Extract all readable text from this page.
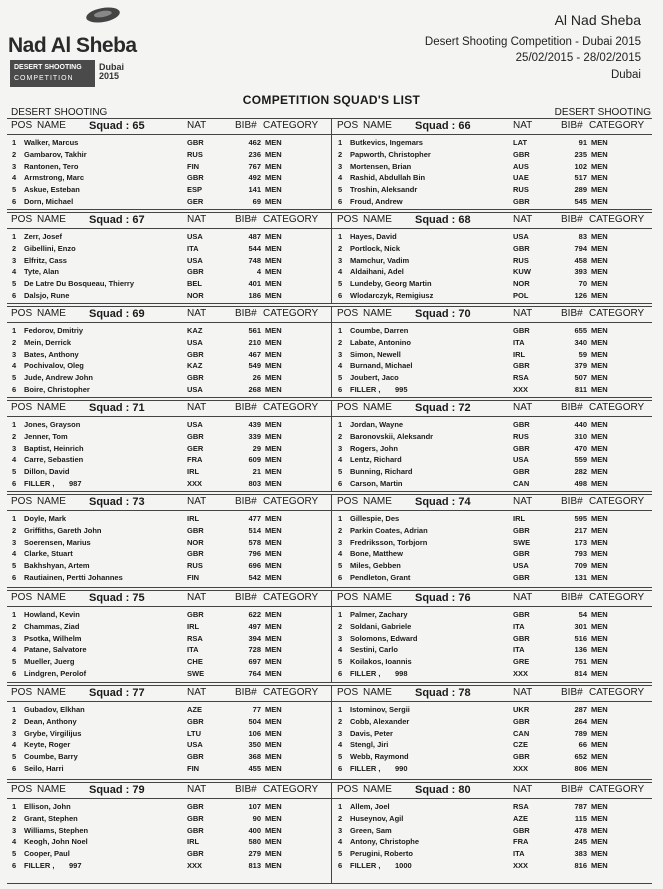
Nad Al Sheba
DESERT SHOOTING
COMPETITION
Dubai
2015
Al Nad Sheba
Desert Shooting Competition - Dubai 2015
25/02/2015 - 28/02/2015
Dubai
COMPETITION SQUAD'S LIST
DESERT SHOOTING	DESERT SHOOTING
POS NAME Squad : 65	NAT	BIB# CATEGORY
1 Walker, Marcus	GBR	462 MEN
2 Gambarov, Takhir	RUS	236 MEN
3 Rantonen, Tero	FIN	767 MEN
4 Armstrong, Marc	GBR	492 MEN
5 Askue, Esteban	ESP	141 MEN
6 Dorn, Michael	GER	69 MEN
POS NAME Squad : 66	NAT	BIB# CATEGORY
1 Butkevics, Ingemars	LAT	91 MEN
2 Papworth, Christopher	GBR	235 MEN
3 Mortensen, Brian	AUS	102 MEN
4 Rashid, Abdullah Bin	UAE	517 MEN
5 Troshin, Aleksandr	RUS	289 MEN
6 Froud, Andrew	GBR	545 MEN
POS NAME Squad : 67	NAT	BIB# CATEGORY
1 Zerr, Josef	USA	487 MEN
2 Gibellini, Enzo	ITA	544 MEN
3 Elfritz, Cass	USA	748 MEN
4 Tyte, Alan	GBR	4 MEN
5 De Latre Du Bosqueau, Thierry	BEL	401 MEN
6 Dalsjo, Rune	NOR	186 MEN
POS NAME Squad : 68	NAT	BIB# CATEGORY
1 Hayes, David	USA	83 MEN
2 Portlock, Nick	GBR	794 MEN
3 Mamchur, Vadim	RUS	458 MEN
4 Aldaihani, Adel	KUW	393 MEN
5 Lundeby, Georg Martin	NOR	70 MEN
6 Wlodarczyk, Remigiusz	POL	126 MEN
POS NAME Squad : 69	NAT	BIB# CATEGORY
1 Fedorov, Dmitriy	KAZ	561 MEN
2 Mein, Derrick	USA	210 MEN
3 Bates, Anthony	GBR	467 MEN
4 Pochivalov, Oleg	KAZ	549 MEN
5 Jude, Andrew John	GBR	26 MEN
6 Boire, Christopher	USA	268 MEN
POS NAME Squad : 70	NAT	BIB# CATEGORY
1 Coumbe, Darren	GBR	655 MEN
2 Labate, Antonino	ITA	340 MEN
3 Simon, Newell	IRL	59 MEN
4 Burnand, Michael	GBR	379 MEN
5 Joubert, Jaco	RSA	507 MEN
6 FILLER , 995	XXX	811 MEN
POS NAME Squad : 71	NAT	BIB# CATEGORY
1 Jones, Grayson	USA	439 MEN
2 Jenner, Tom	GBR	339 MEN
3 Baptist, Heinrich	GER	29 MEN
4 Carre, Sebastien	FRA	609 MEN
5 Dillon, David	IRL	21 MEN
6 FILLER , 987	XXX	803 MEN
POS NAME Squad : 72	NAT	BIB# CATEGORY
1 Jordan, Wayne	GBR	440 MEN
2 Baronovskii, Aleksandr	RUS	310 MEN
3 Rogers, John	GBR	470 MEN
4 Lentz, Richard	USA	559 MEN
5 Bunning, Richard	GBR	282 MEN
6 Carson, Martin	CAN	498 MEN
POS NAME Squad : 73	NAT	BIB# CATEGORY
1 Doyle, Mark	IRL	477 MEN
2 Griffiths, Gareth John	GBR	514 MEN
3 Soerensen, Marius	NOR	578 MEN
4 Clarke, Stuart	GBR	796 MEN
5 Bakhshyan, Artem	RUS	696 MEN
6 Rautiainen, Pertti Johannes	FIN	542 MEN
POS NAME Squad : 74	NAT	BIB# CATEGORY
1 Gillespie, Des	IRL	595 MEN
2 Parkin Coates, Adrian	GBR	217 MEN
3 Fredriksson, Torbjorn	SWE	173 MEN
4 Bone, Matthew	GBR	793 MEN
5 Miles, Gebben	USA	709 MEN
6 Pendleton, Grant	GBR	131 MEN
POS NAME Squad : 75	NAT	BIB# CATEGORY
1 Howland, Kevin	GBR	622 MEN
2 Chammas, Ziad	IRL	497 MEN
3 Psotka, Wilhelm	RSA	394 MEN
4 Patane, Salvatore	ITA	728 MEN
5 Mueller, Juerg	CHE	697 MEN
6 Lindgren, Perolof	SWE	764 MEN
POS NAME Squad : 76	NAT	BIB# CATEGORY
1 Palmer, Zachary	GBR	54 MEN
2 Soldani, Gabriele	ITA	301 MEN
3 Solomons, Edward	GBR	516 MEN
4 Sestini, Carlo	ITA	136 MEN
5 Koilakos, Ioannis	GRE	751 MEN
6 FILLER , 998	XXX	814 MEN
POS NAME Squad : 77	NAT	BIB# CATEGORY
1 Gubadov, Elkhan	AZE	77 MEN
2 Dean, Anthony	GBR	504 MEN
3 Grybe, Virgilijus	LTU	106 MEN
4 Keyte, Roger	USA	350 MEN
5 Coumbe, Barry	GBR	368 MEN
6 Seilo, Harri	FIN	455 MEN
POS NAME Squad : 78	NAT	BIB# CATEGORY
1 Istominov, Sergii	UKR	287 MEN
2 Cobb, Alexander	GBR	264 MEN
3 Davis, Peter	CAN	789 MEN
4 Stengl, Jiri	CZE	66 MEN
5 Webb, Raymond	GBR	652 MEN
6 FILLER , 990	XXX	806 MEN
POS NAME Squad : 79	NAT	BIB# CATEGORY
1 Ellison, John	GBR	107 MEN
2 Grant, Stephen	GBR	90 MEN
3 Williams, Stephen	GBR	400 MEN
4 Keogh, John Noel	IRL	580 MEN
5 Cooper, Paul	GBR	279 MEN
6 FILLER , 997	XXX	813 MEN
POS NAME Squad : 80	NAT	BIB# CATEGORY
1 Allem, Joel	RSA	787 MEN
2 Huseynov, Agil	AZE	115 MEN
3 Green, Sam	GBR	478 MEN
4 Antony, Christophe	FRA	245 MEN
5 Perugini, Roberto	ITA	383 MEN
6 FILLER , 1000	XXX	816 MEN
